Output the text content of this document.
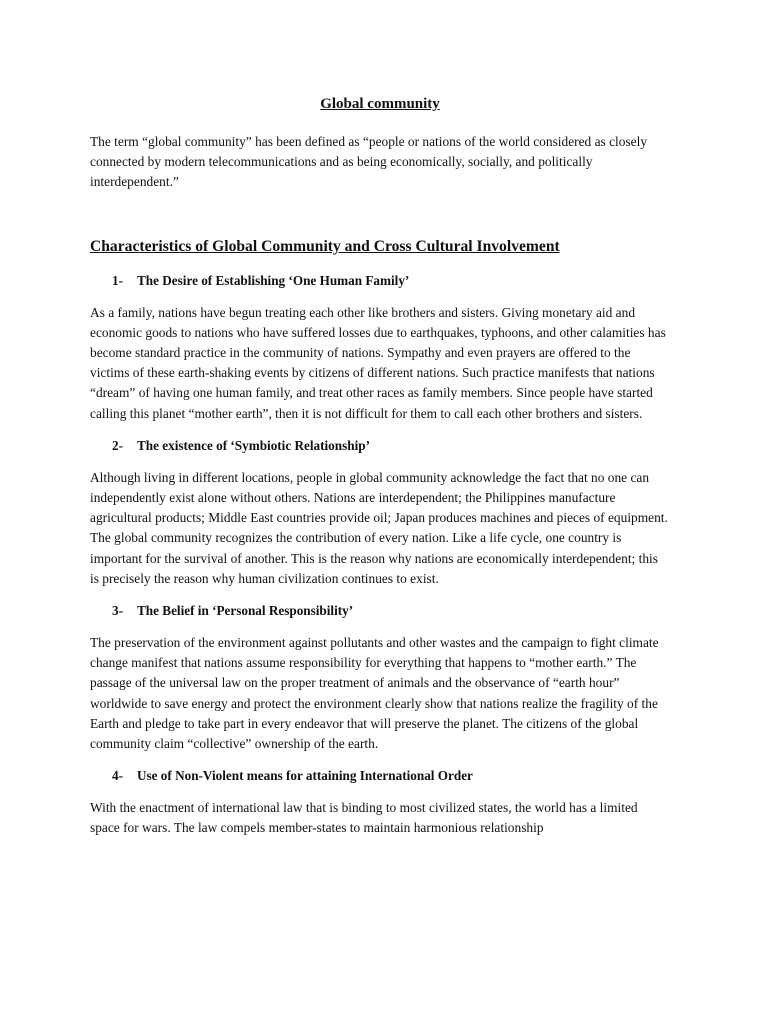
Global community

The term “global community” has been defined as “people or nations of the world considered as closely connected by modern telecommunications and as being economically, socially, and politically interdependent.”

Characteristics of Global Community and Cross Cultural Involvement
1- The Desire of Establishing ‘One Human Family’

As a family, nations have begun treating each other like brothers and sisters. Giving monetary aid and economic goods to nations who have suffered losses due to earthquakes, typhoons, and other calamities has become standard practice in the community of nations. Sympathy and even prayers are offered to the victims of these earth-shaking events by citizens of different nations. Such practice manifests that nations “dream” of having one human family, and treat other races as family members. Since people have started calling this planet “mother earth”, then it is not difficult for them to call each other brothers and sisters.

2- The existence of ‘Symbiotic Relationship’

Although living in different locations, people in global community acknowledge the fact that no one can independently exist alone without others. Nations are interdependent; the Philippines manufacture agricultural products; Middle East countries provide oil; Japan produces machines and pieces of equipment. The global community recognizes the contribution of every nation. Like a life cycle, one country is important for the survival of another. This is the reason why nations are economically interdependent; this is precisely the reason why human civilization continues to exist.

3- The Belief in ‘Personal Responsibility’

The preservation of the environment against pollutants and other wastes and the campaign to fight climate change manifest that nations assume responsibility for everything that happens to “mother earth.” The passage of the universal law on the proper treatment of animals and the observance of “earth hour” worldwide to save energy and protect the environment clearly show that nations realize the fragility of the Earth and pledge to take part in every endeavor that will preserve the planet. The citizens of the global community claim “collective” ownership of the earth.

4- Use of Non-Violent means for attaining International Order

With the enactment of international law that is binding to most civilized states, the world has a limited space for wars. The law compels member-states to maintain harmonious relationship
